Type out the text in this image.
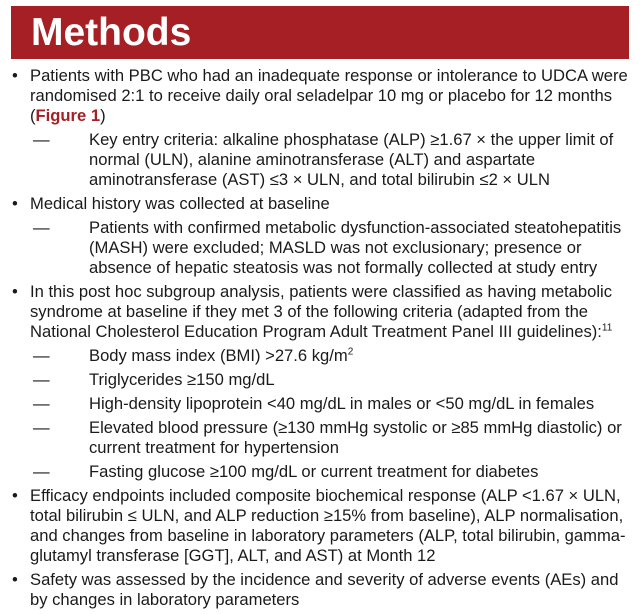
Methods
• Patients with PBC who had an inadequate response or intolerance to UDCA were randomised 2:1 to receive daily oral seladelpar 10 mg or placebo for 12 months (Figure 1)
— Key entry criteria: alkaline phosphatase (ALP) ≥1.67 × the upper limit of normal (ULN), alanine aminotransferase (ALT) and aspartate aminotransferase (AST) ≤3 × ULN, and total bilirubin ≤2 × ULN
• Medical history was collected at baseline
— Patients with confirmed metabolic dysfunction-associated steatohepatitis (MASH) were excluded; MASLD was not exclusionary; presence or absence of hepatic steatosis was not formally collected at study entry
• In this post hoc subgroup analysis, patients were classified as having metabolic syndrome at baseline if they met 3 of the following criteria (adapted from the National Cholesterol Education Program Adult Treatment Panel III guidelines):$^{11}$
— Body mass index (BMI) >27.6 $kg/m^2$
— Triglycerides ≥150 mg/dL
— High-density lipoprotein <40 mg/dL in males or <50 mg/dL in females
— Elevated blood pressure (≥130 mmHg systolic or ≥85 mmHg diastolic) or current treatment for hypertension
— Fasting glucose ≥100 mg/dL or current treatment for diabetes
• Efficacy endpoints included composite biochemical response (ALP <1.67 × ULN, total bilirubin ≤ ULN, and ALP reduction ≥15% from baseline), ALP normalisation, and changes from baseline in laboratory parameters (ALP, total bilirubin, gamma-glutamyl transferase [GGT], ALT, and AST) at Month 12
• Safety was assessed by the incidence and severity of adverse events (AEs) and by changes in laboratory parameters
